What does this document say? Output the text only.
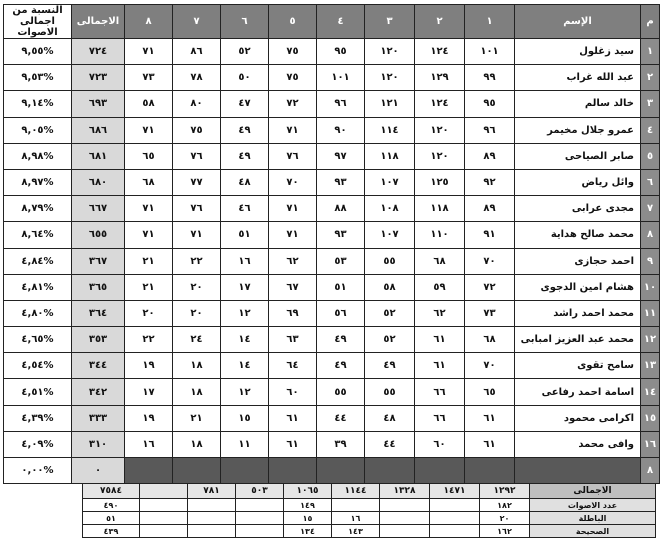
م	الإسم	١	٢	٣	٤	٥	٦	٧	٨	الاجمالى	النسبة من اجمالى الاصوات
١	سيد زغلول	١٠١	١٢٤	١٢٠	٩٥	٧٥	٥٢	٨٦	٧١	٧٢٤	%٩,٥٥
٢	عبد الله غراب	٩٩	١٢٩	١٢٠	١٠١	٧٥	٥٠	٧٨	٧٣	٧٢٣	%٩,٥٣
٣	خالد سالم	٩٥	١٢٤	١٢١	٩٦	٧٢	٤٧	٨٠	٥٨	٦٩٣	%٩,١٤
٤	عمرو جلال مخيمر	٩٦	١٢٠	١١٤	٩٠	٧١	٤٩	٧٥	٧١	٦٨٦	%٩,٠٥
٥	صابر الصياحى	٨٩	١٢٠	١١٨	٩٧	٧٦	٤٩	٧٦	٦٥	٦٨١	%٨,٩٨
٦	وائل رياض	٩٢	١٢٥	١٠٧	٩٣	٧٠	٤٨	٧٧	٦٨	٦٨٠	%٨,٩٧
٧	مجدى عرابى	٨٩	١١٨	١٠٨	٨٨	٧١	٤٦	٧٦	٧١	٦٦٧	%٨,٧٩
٨	محمد صالح هداية	٩١	١١٠	١٠٧	٩٣	٧١	٥١	٧١	٧١	٦٥٥	%٨,٦٤
٩	احمد حجازى	٧٠	٦٨	٥٥	٥٣	٦٢	١٦	٢٢	٢١	٣٦٧	%٤,٨٤
١٠	هشام امين الدجوى	٧٢	٥٩	٥٨	٥١	٦٧	١٧	٢٠	٢١	٣٦٥	%٤,٨١
١١	محمد احمد راشد	٧٣	٦٢	٥٢	٥٦	٦٩	١٢	٢٠	٢٠	٣٦٤	%٤,٨٠
١٢	محمد عبد العزيز امبابى	٦٨	٦١	٥٢	٤٩	٦٣	١٤	٢٤	٢٢	٣٥٣	%٤,٦٥
١٣	سامح تقوى	٧٠	٦١	٤٩	٤٩	٦٤	١٤	١٨	١٩	٣٤٤	%٤,٥٤
١٤	اسامة احمد رفاعى	٦٥	٦٦	٥٥	٥٥	٦٠	١٢	١٨	١٧	٣٤٢	%٤,٥١
١٥	اكرامى محمود	٦١	٦٦	٤٨	٤٤	٦١	١٥	٢١	١٩	٣٣٣	%٤,٣٩
١٦	وافى محمد	٦١	٦٠	٤٤	٣٩	٦١	١١	١٨	١٦	٣١٠	%٤,٠٩
٨										٠	%٠,٠٠
الاجمالى	١٢٩٢	١٤٧١	١٣٢٨	١١٤٤	١٠٦٥	٥٠٣	٧٨١		٧٥٨٤
عدد الاصوات	١٨٢				١٤٩				٤٩٠
الباطلة	٢٠			١٦	١٥				٥١
الصحيحة	١٦٢			١٤٣	١٣٤				٤٣٩
